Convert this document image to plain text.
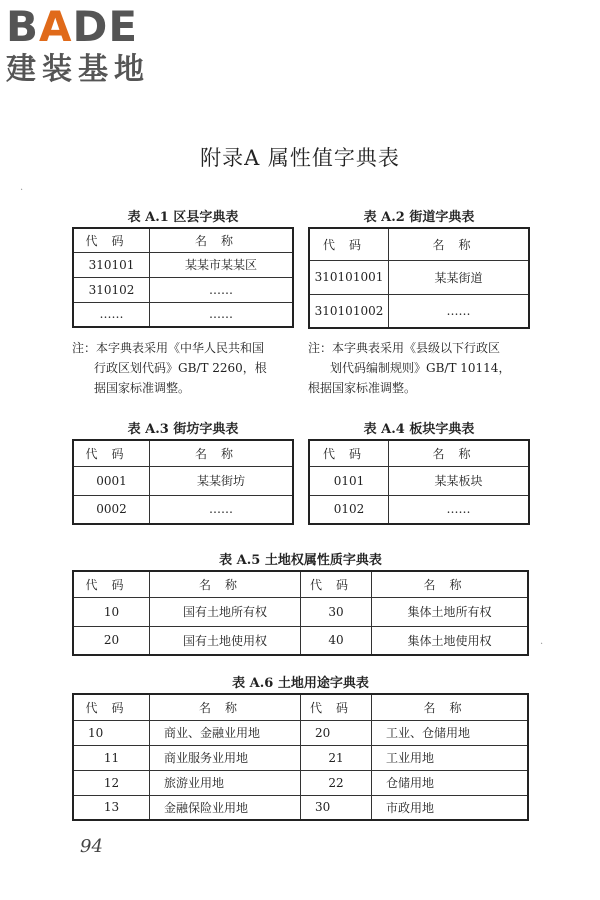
BADE
建装基地
.
.
附录A 属性值字典表
表 A.1 区县字典表
代码	名称
310101	某某市某某区
310102	……
……	……
注：本字典表采用《中华人民共和国
行政区划代码》GB/T 2260，根
据国家标准调整。
表 A.2 街道字典表
代码	名称
310101001	某某街道
310101002	……
注：本字典表采用《县级以下行政区
划代码编制规则》GB/T 10114，
根据国家标准调整。
表 A.3 街坊字典表
代码	名称
0001	某某街坊
0002	……
表 A.4 板块字典表
代码	名称
0101	某某板块
0102	……
表 A.5 土地权属性质字典表
代码	名称	代码	名称
10	国有土地所有权	30	集体土地所有权
20	国有土地使用权	40	集体土地使用权
表 A.6 土地用途字典表
代码	名称	代码	名称
10	商业、金融业用地	20	工业、仓储用地
11	商业服务业用地	21	工业用地
12	旅游业用地	22	仓储用地
13	金融保险业用地	30	市政用地
94
